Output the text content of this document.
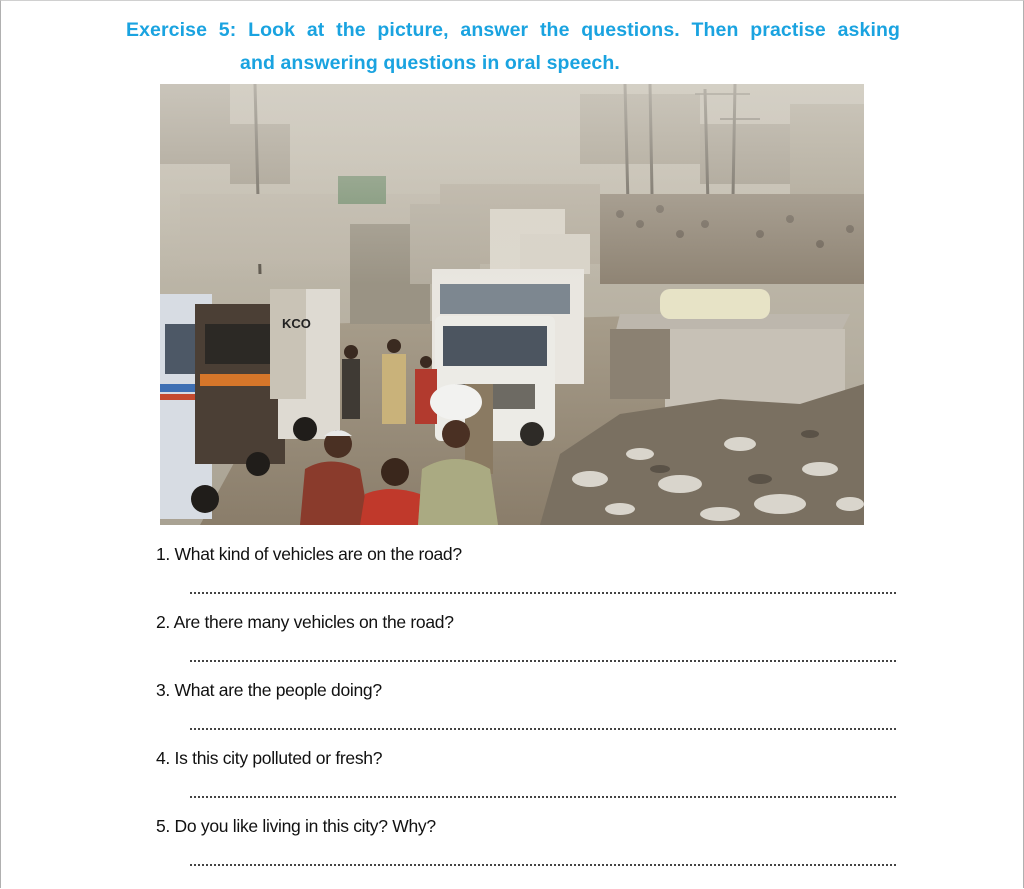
Exercise 5: Look at the picture, answer the questions. Then practise asking
and answering questions in oral speech.
KCO
1. What kind of vehicles are on the road?
2. Are there many vehicles on the road?
3. What are the people doing?
4. Is this city polluted or fresh?
5. Do you like living in this city? Why?
